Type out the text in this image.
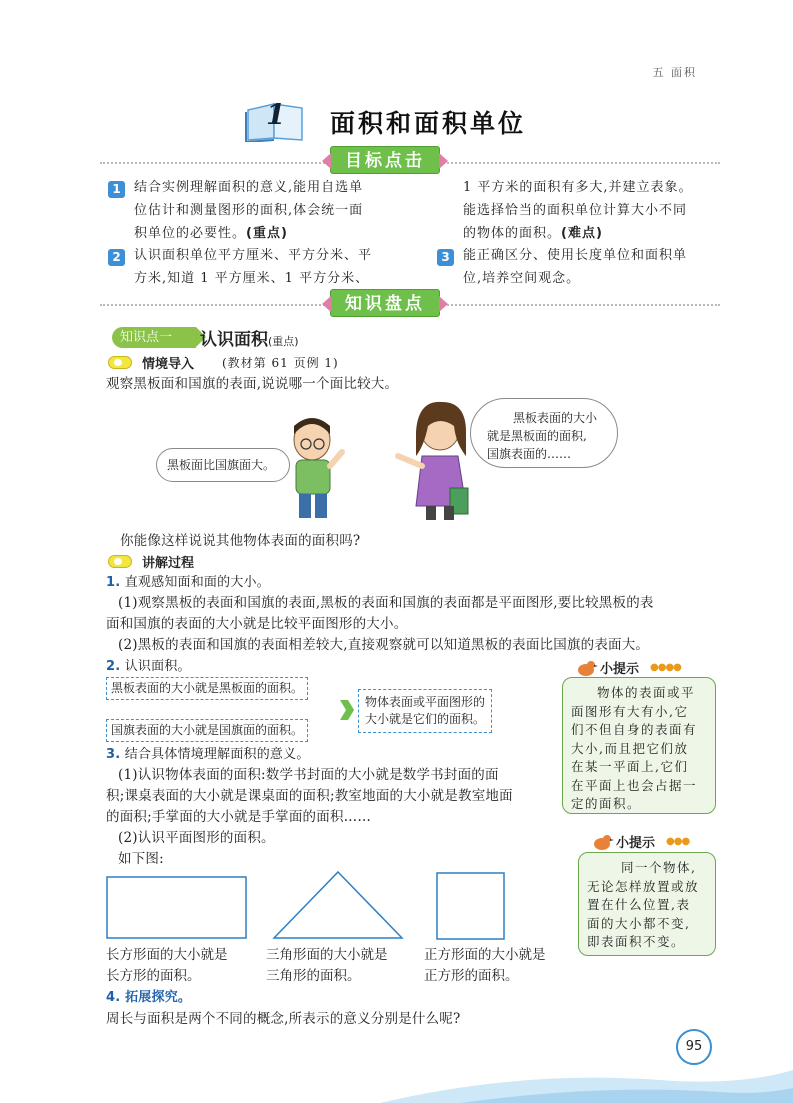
五 面积
1 面积和面积单位
目标点击
1	结合实例理解面积的意义,能用自选单
位估计和测量图形的面积,体会统一面
积单位的必要性。(重点)
2	认识面积单位平方厘米、平方分米、平
方米,知道 1 平方厘米、1 平方分米、
1 平方米的面积有多大,并建立表象。
能选择恰当的面积单位计算大小不同
的物体的面积。(难点)
3	能正确区分、使用长度单位和面积单
位,培养空间观念。
知识盘点
知识点一	认识面积(重点)
情境导入 (教材第 61 页例 1)
观察黑板面和国旗的表面,说说哪一个面比较大。
黑板面比国旗面大。
黑板表面的大小
就是黑板面的面积,
国旗表面的……
你能像这样说说其他物体表面的面积吗?
讲解过程
1. 直观感知面和面的大小。
(1)观察黑板的表面和国旗的表面,黑板的表面和国旗的表面都是平面图形,要比较黑板的表
面和国旗的表面的大小就是比较平面图形的大小。
(2)黑板的表面和国旗的表面相差较大,直接观察就可以知道黑板的表面比国旗的表面大。
2. 认识面积。
黑板表面的大小就是黑板面的面积。
国旗表面的大小就是国旗面的面积。
物体表面或平面图形的
大小就是它们的面积。
3. 结合具体情境理解面积的意义。
(1)认识物体表面的面积:数学书封面的大小就是数学书封面的面
积;课桌表面的大小就是课桌面的面积;教室地面的大小就是教室地面
的面积;手掌面的大小就是手掌面的面积……
(2)认识平面图形的面积。
如下图:
长方形面的大小就是
长方形的面积。
三角形面的大小就是
三角形的面积。
正方形面的大小就是
正方形的面积。
4. 拓展探究。
周长与面积是两个不同的概念,所表示的意义分别是什么呢?
小提示 ●●●●
物体的表面或平
面图形有大有小,它
们不但自身的表面有
大小,而且把它们放
在某一平面上,它们
在平面上也会占据一
定的面积。
小提示 ●●●
同一个物体,
无论怎样放置或放
置在什么位置,表
面的大小都不变,
即表面积不变。
95
